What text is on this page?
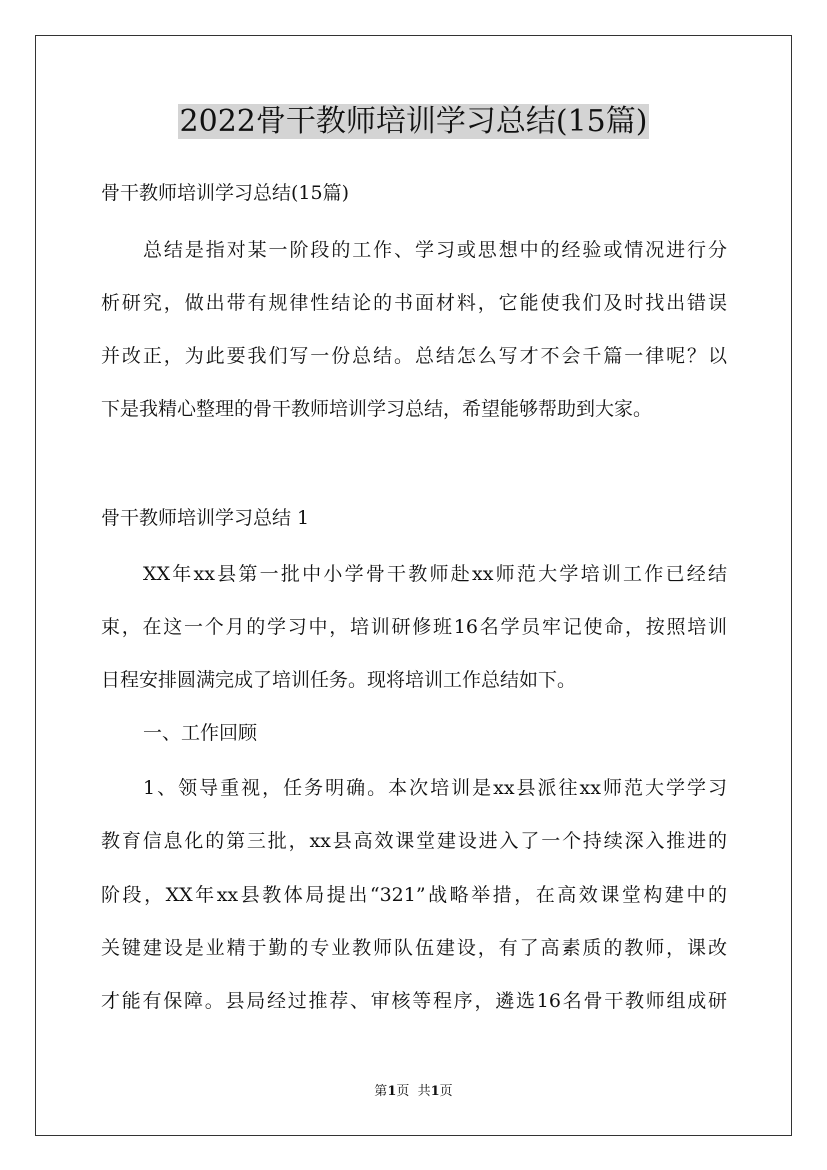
2022骨干教师培训学习总结(15篇)

骨干教师培训学习总结(15篇)

总结是指对某一阶段的工作、学习或思想中的经验或情况进行分

析研究，做出带有规律性结论的书面材料，它能使我们及时找出错误

并改正，为此要我们写一份总结。总结怎么写才不会千篇一律呢？以

下是我精心整理的骨干教师培训学习总结，希望能够帮助到大家。

骨干教师培训学习总结 1

XX年xx县第一批中小学骨干教师赴xx师范大学培训工作已经结

束，在这一个月的学习中，培训研修班16名学员牢记使命，按照培训

日程安排圆满完成了培训任务。现将培训工作总结如下。

一、工作回顾

1、领导重视，任务明确。本次培训是xx县派往xx师范大学学习

教育信息化的第三批，xx县高效课堂建设进入了一个持续深入推进的

阶段，XX年xx县教体局提出“321”战略举措，在高效课堂构建中的

关键建设是业精于勤的专业教师队伍建设，有了高素质的教师，课改

才能有保障。县局经过推荐、审核等程序，遴选16名骨干教师组成研

第1页  共1页
